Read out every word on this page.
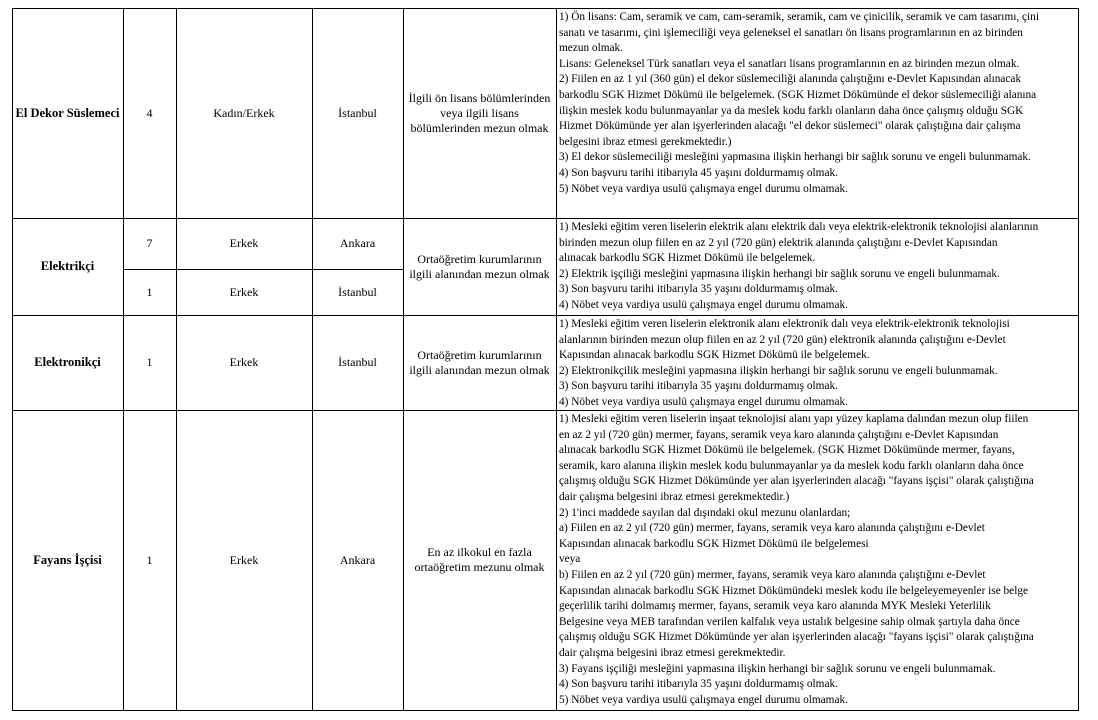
El Dekor Süslemeci	4	Kadın/Erkek	İstanbul
İlgili ön lisans bölümlerinden veya ilgili lisans bölümlerinden mezun olmak
1) Ön lisans: Cam, seramik ve cam, cam-seramik, seramik, cam ve çinicilik, seramik ve cam tasarımı, çini
sanatı ve tasarımı, çini işlemeciliği veya geleneksel el sanatları ön lisans programlarının en az birinden
mezun olmak.
Lisans: Geleneksel Türk sanatları veya el sanatları lisans programlarının en az birinden mezun olmak.
2) Fiilen en az 1 yıl (360 gün) el dekor süslemeciliği alanında çalıştığını e-Devlet Kapısından alınacak
barkodlu SGK Hizmet Dökümü ile belgelemek. (SGK Hizmet Dökümünde el dekor süslemeciliği alanına
ilişkin meslek kodu bulunmayanlar ya da meslek kodu farklı olanların daha önce çalışmış olduğu SGK
Hizmet Dökümünde yer alan işyerlerinden alacağı "el dekor süslemeci" olarak çalıştığına dair çalışma
belgesini ibraz etmesi gerekmektedir.)
3) El dekor süslemeciliği mesleğini yapmasına ilişkin herhangi bir sağlık sorunu ve engeli bulunmamak.
4) Son başvuru tarihi itibarıyla 45 yaşını doldurmamış olmak.
5) Nöbet veya vardiya usulü çalışmaya engel durumu olmamak.
Elektrikçi
7	Erkek	Ankara
1	Erkek	İstanbul
Ortaöğretim kurumlarının ilgili alanından mezun olmak
1) Mesleki eğitim veren liselerin elektrik alanı elektrik dalı veya elektrik-elektronik teknolojisi alanlarının
birinden mezun olup fiilen en az 2 yıl (720 gün) elektrik alanında çalıştığını e-Devlet Kapısından
alınacak barkodlu SGK Hizmet Dökümü ile belgelemek.
2) Elektrik işçiliği mesleğini yapmasına ilişkin herhangi bir sağlık sorunu ve engeli bulunmamak.
3) Son başvuru tarihi itibarıyla 35 yaşını doldurmamış olmak.
4) Nöbet veya vardiya usulü çalışmaya engel durumu olmamak.
Elektronikçi	1	Erkek	İstanbul
Ortaöğretim kurumlarının ilgili alanından mezun olmak
1) Mesleki eğitim veren liselerin elektronik alanı elektronik dalı veya elektrik-elektronik teknolojisi
alanlarının birinden mezun olup fiilen en az 2 yıl (720 gün) elektronik alanında çalıştığını e-Devlet
Kapısından alınacak barkodlu SGK Hizmet Dökümü ile belgelemek.
2) Elektronikçilik mesleğini yapmasına ilişkin herhangi bir sağlık sorunu ve engeli bulunmamak.
3) Son başvuru tarihi itibarıyla 35 yaşını doldurmamış olmak.
4) Nöbet veya vardiya usulü çalışmaya engel durumu olmamak.
Fayans İşçisi	1	Erkek	Ankara
En az ilkokul en fazla ortaöğretim mezunu olmak
1) Mesleki eğitim veren liselerin inşaat teknolojisi alanı yapı yüzey kaplama dalından mezun olup fiilen
en az 2 yıl (720 gün) mermer, fayans, seramik veya karo alanında çalıştığını e-Devlet Kapısından
alınacak barkodlu SGK Hizmet Dökümü ile belgelemek. (SGK Hizmet Dökümünde mermer, fayans,
seramik, karo alanına ilişkin meslek kodu bulunmayanlar ya da meslek kodu farklı olanların daha önce
çalışmış olduğu SGK Hizmet Dökümünde yer alan işyerlerinden alacağı "fayans işçisi" olarak çalıştığına
dair çalışma belgesini ibraz etmesi gerekmektedir.)
2) 1'inci maddede sayılan dal dışındaki okul mezunu olanlardan;
a) Fiilen en az 2 yıl (720 gün) mermer, fayans, seramik veya karo alanında çalıştığını e-Devlet
Kapısından alınacak barkodlu SGK Hizmet Dökümü ile belgelemesi
veya
b) Fiilen en az 2 yıl (720 gün) mermer, fayans, seramik veya karo alanında çalıştığını e-Devlet
Kapısından alınacak barkodlu SGK Hizmet Dökümündeki meslek kodu ile belgeleyemeyenler ise belge
geçerlilik tarihi dolmamış mermer, fayans, seramik veya karo alanında MYK Mesleki Yeterlilik
Belgesine veya MEB tarafından verilen kalfalık veya ustalık belgesine sahip olmak şartıyla daha önce
çalışmış olduğu SGK Hizmet Dökümünde yer alan işyerlerinden alacağı "fayans işçisi" olarak çalıştığına
dair çalışma belgesini ibraz etmesi gerekmektedir.
3) Fayans işçiliği mesleğini yapmasına ilişkin herhangi bir sağlık sorunu ve engeli bulunmamak.
4) Son başvuru tarihi itibarıyla 35 yaşını doldurmamış olmak.
5) Nöbet veya vardiya usulü çalışmaya engel durumu olmamak.
